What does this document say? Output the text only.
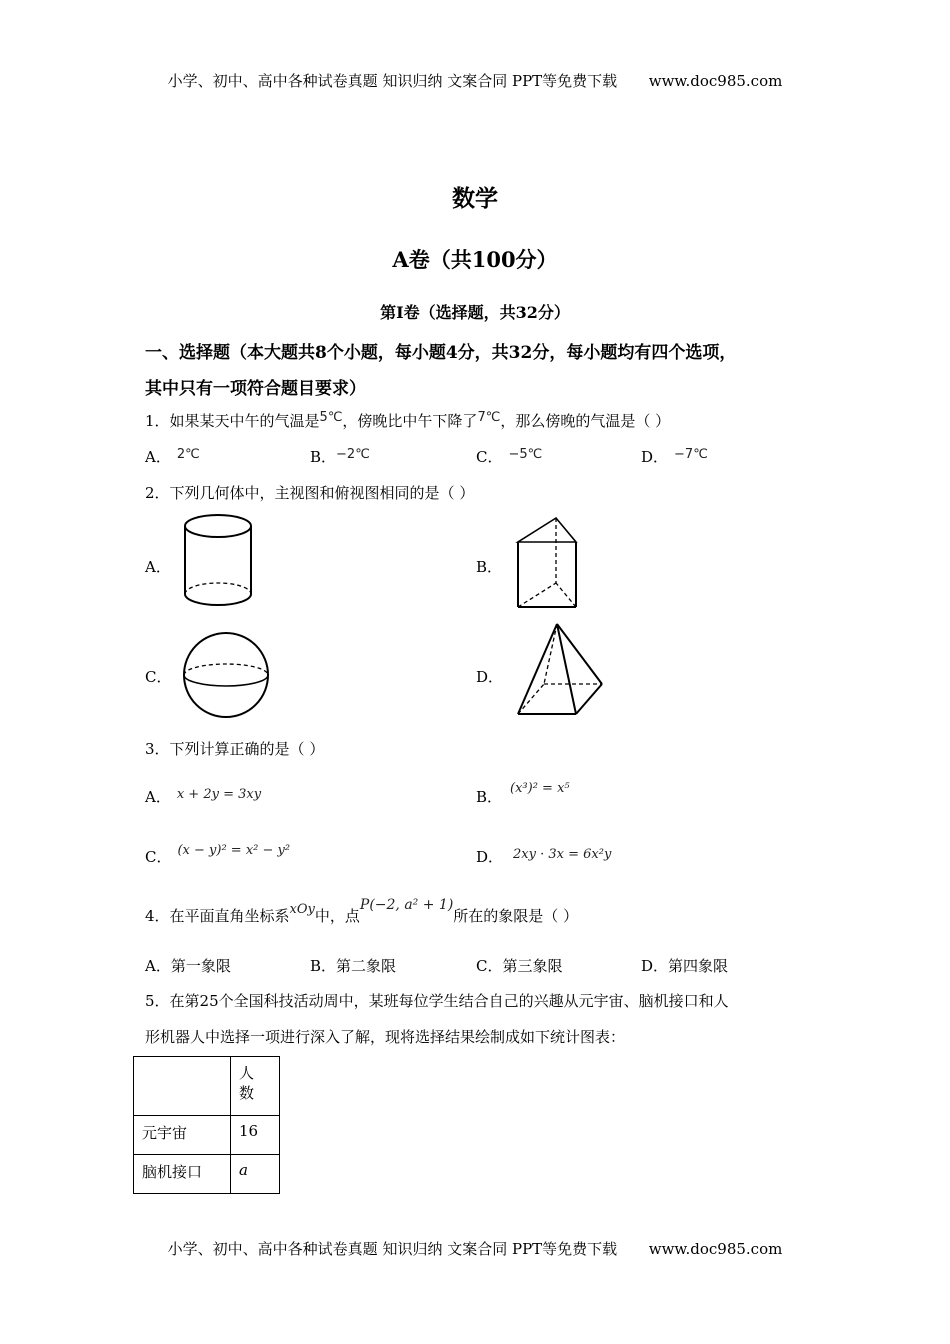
小学、初中、高中各种试卷真题 知识归纳 文案合同 PPT等免费下载 www.doc985.com
数学
A卷（共100分）
第Ⅰ卷（选择题，共32分）
一、选择题（本大题共8个小题，每小题4分，共32分，每小题均有四个选项，
其中只有一项符合题目要求）
1．如果某天中午的气温是5℃，傍晚比中午下降了7℃，那么傍晚的气温是（ ）
A． 2℃	B．−2℃	C． −5℃	D． −7℃
2．下列几何体中，主视图和俯视图相同的是（ ）
A．	B．
C．	D．
3．下列计算正确的是（ ）
A． x + 2y = 3xy	B． (x³)² = x⁵
C． (x − y)² = x² − y²	D． 2xy · 3x = 6x²y
4．在平面直角坐标系xOy中，点P(−2, a² + 1)所在的象限是（ ）
A．第一象限	B．第二象限	C．第三象限	D．第四象限
5．在第25个全国科技活动周中，某班每位学生结合自己的兴趣从元宇宙、脑机接口和人
形机器人中选择一项进行深入了解，现将选择结果绘制成如下统计图表：
	人
数
元宇宙	16
脑机接口	a
小学、初中、高中各种试卷真题 知识归纳 文案合同 PPT等免费下载 www.doc985.com
